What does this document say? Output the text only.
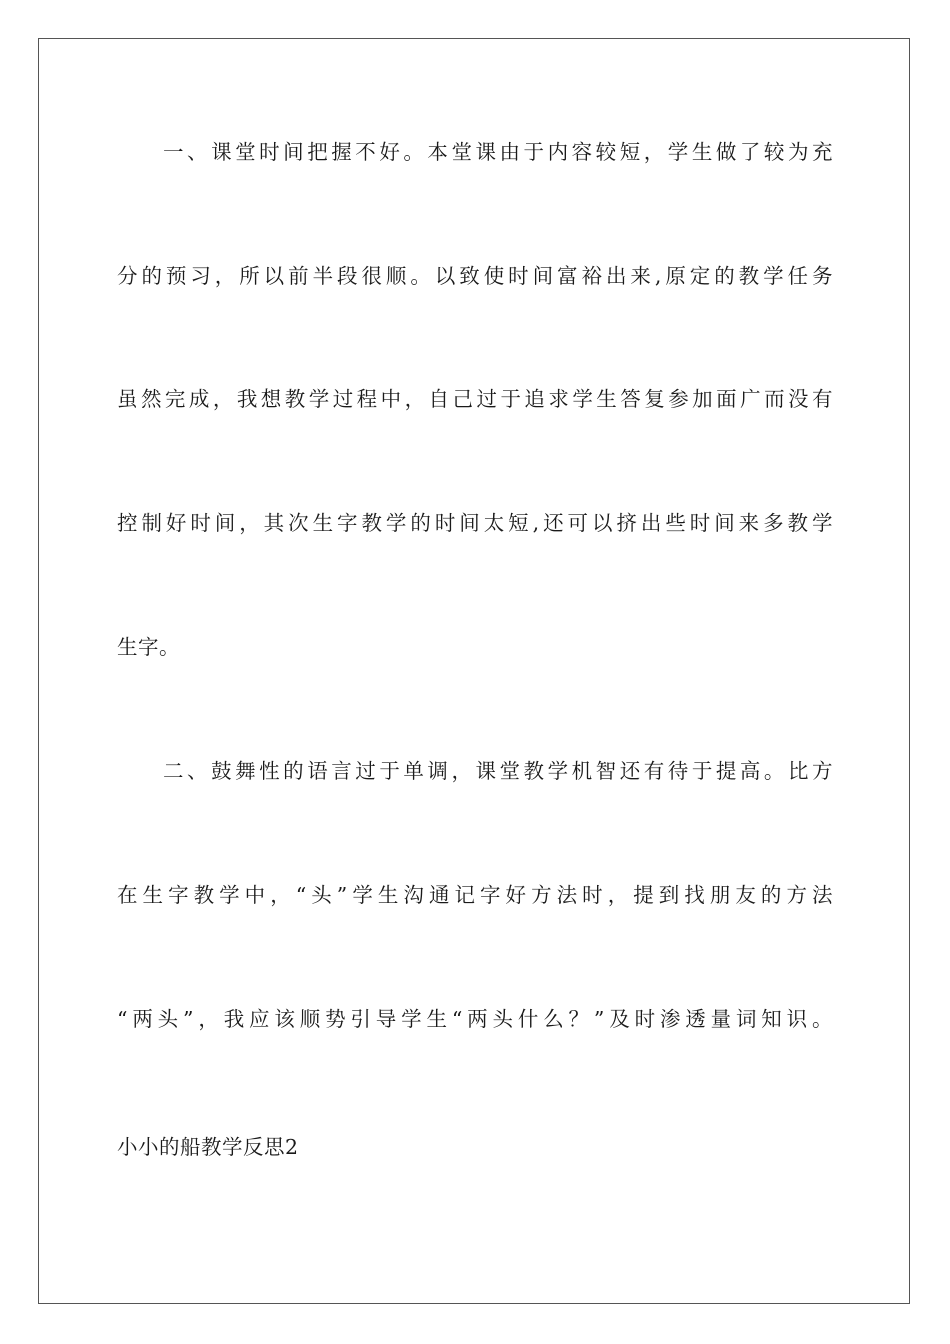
一、课堂时间把握不好。本堂课由于内容较短，学生做了较为充
分的预习，所以前半段很顺。以致使时间富裕出来,原定的教学任务
虽然完成，我想教学过程中，自己过于追求学生答复参加面广而没有
控制好时间，其次生字教学的时间太短,还可以挤出些时间来多教学
生字。
二、鼓舞性的语言过于单调，课堂教学机智还有待于提高。比方
在生字教学中，“头”学生沟通记字好方法时，提到找朋友的方法
“两头”，我应该顺势引导学生“两头什么？”及时渗透量词知识。
小小的船教学反思2
